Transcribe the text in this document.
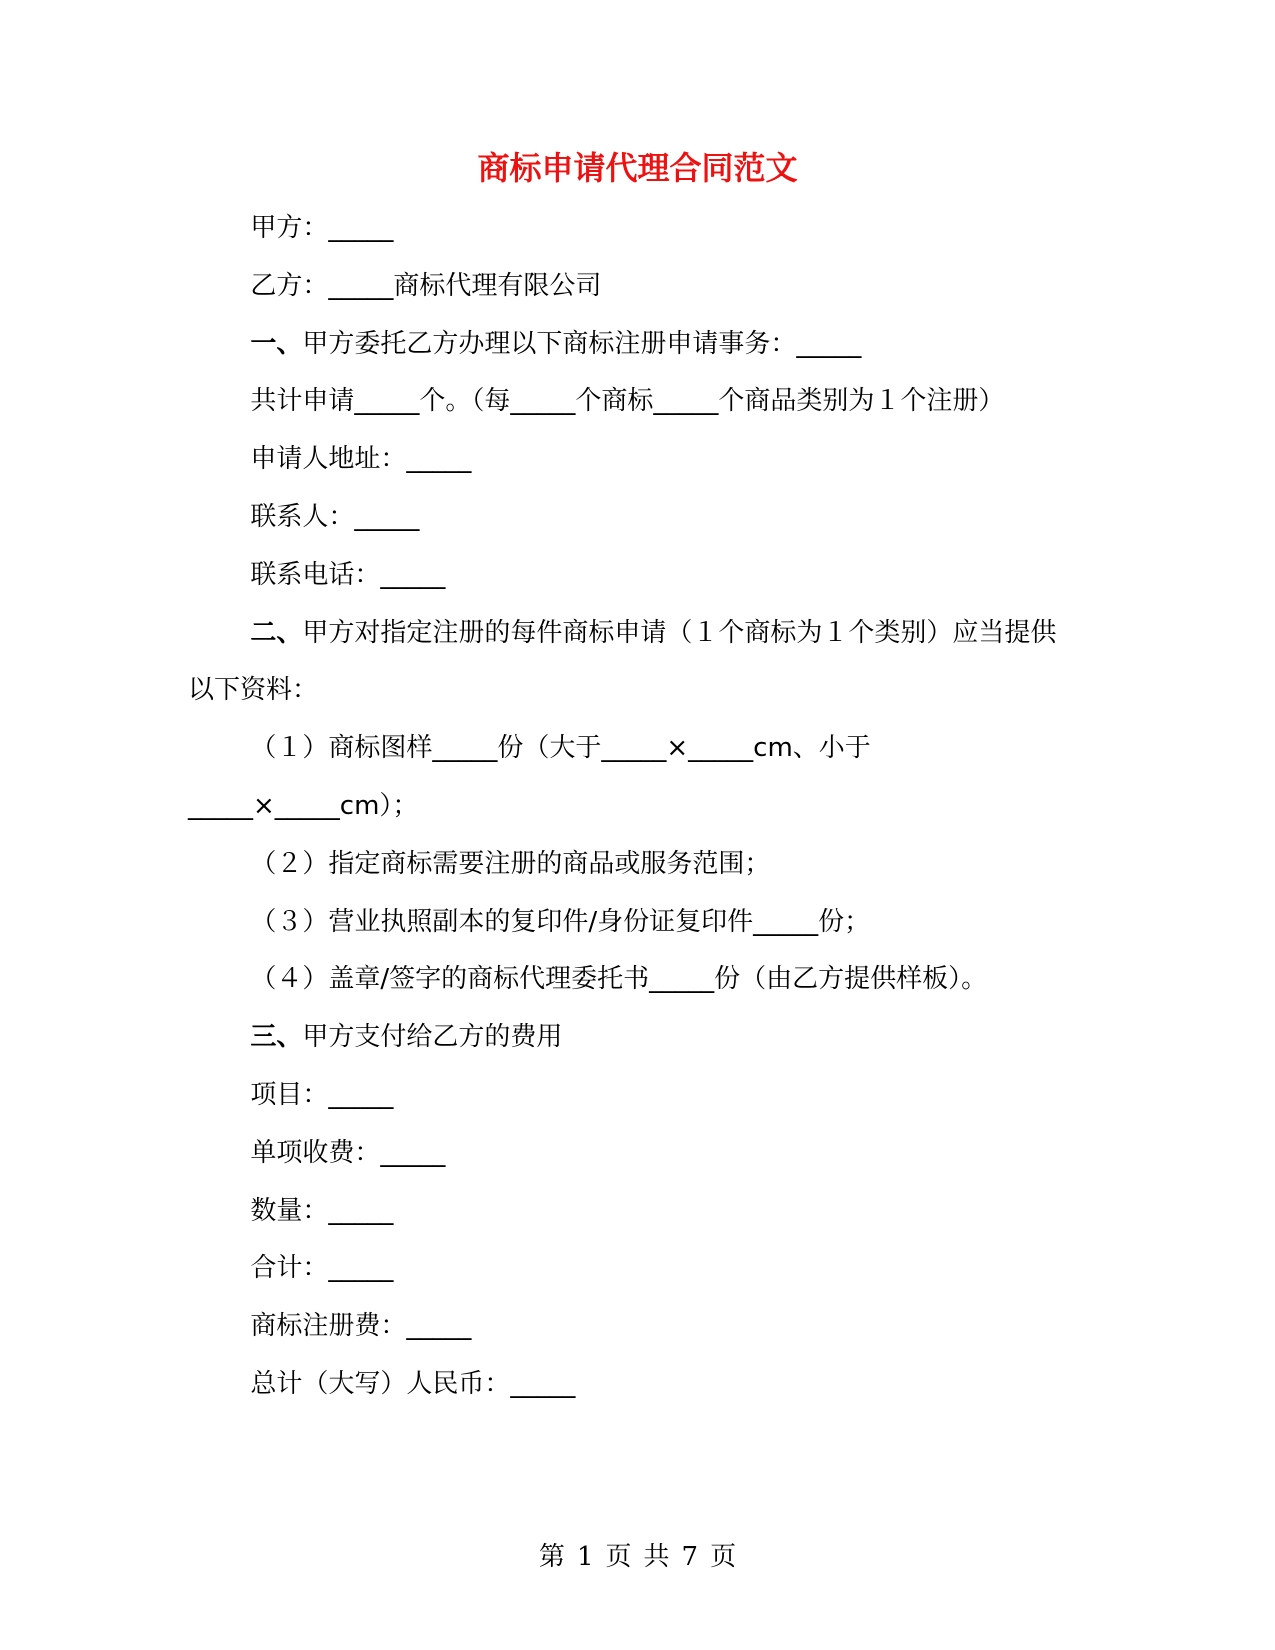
商标申请代理合同范文

甲方：_____

乙方：_____商标代理有限公司

一、甲方委托乙方办理以下商标注册申请事务：_____

共计申请_____个。（每_____个商标_____个商品类别为１个注册）

申请人地址：_____

联系人：_____

联系电话：_____

二、甲方对指定注册的每件商标申请（１个商标为１个类别）应当提供以下资料：

（１）商标图样_____份（大于_____×_____cm、小于_____×_____cm）；

（２）指定商标需要注册的商品或服务范围；

（３）营业执照副本的复印件/身份证复印件_____份；

（４）盖章/签字的商标代理委托书_____份（由乙方提供样板）。

三、甲方支付给乙方的费用

项目：_____

单项收费：_____

数量：_____

合计：_____

商标注册费：_____

总计（大写）人民币：_____

第 1 页 共 7 页
